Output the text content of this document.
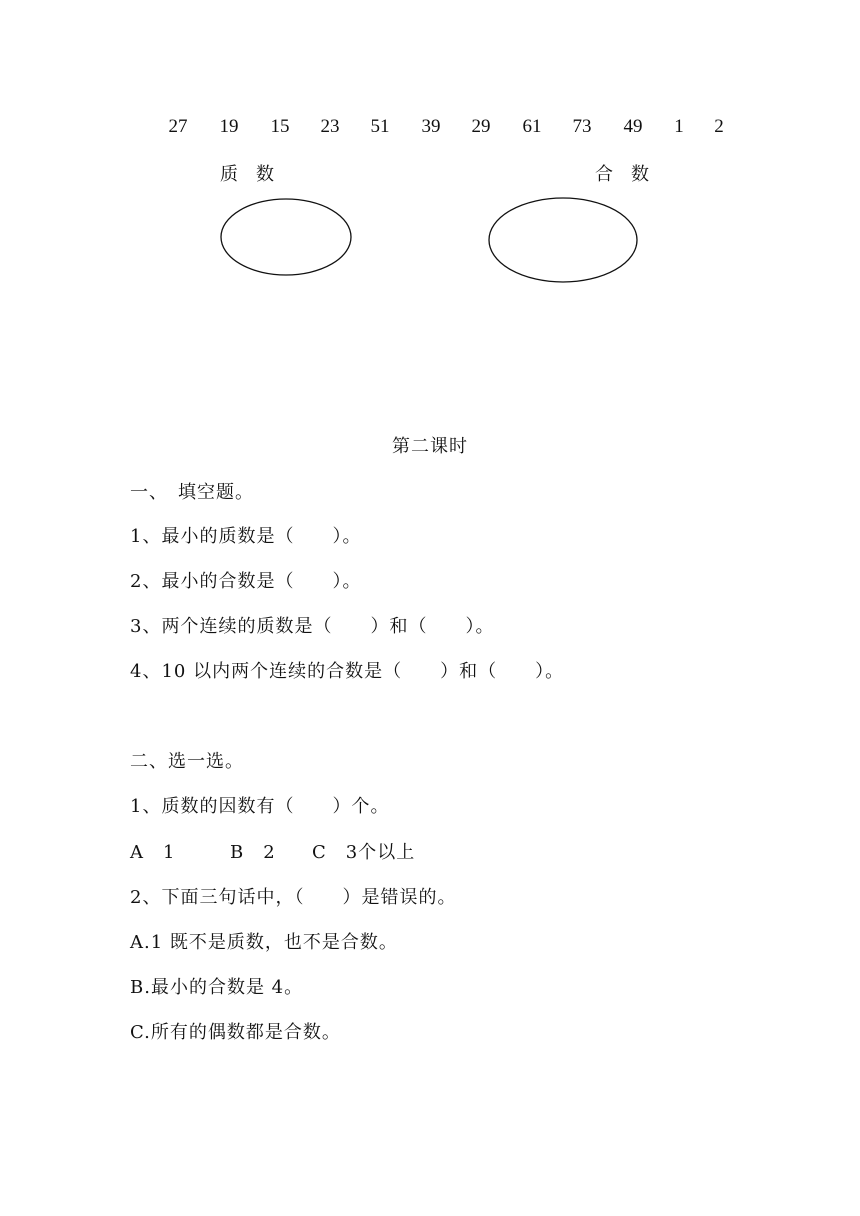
27 19 15 23 51 39 29 61 73 49 1 2
质　数	合　数
第二课时
一、　填空题。
1、最小的质数是（　　）。
2、最小的合数是（　　）。
3、两个连续的质数是（　　）和（　　）。
4、10 以内两个连续的合数是（　　）和（　　）。
二、选一选。
1、质数的因数有（　　）个。
A　1	B　2 C　3个以上
2、下面三句话中，（　　）是错误的。
A.1 既不是质数，也不是合数。
B.最小的合数是 4。
C.所有的偶数都是合数。
